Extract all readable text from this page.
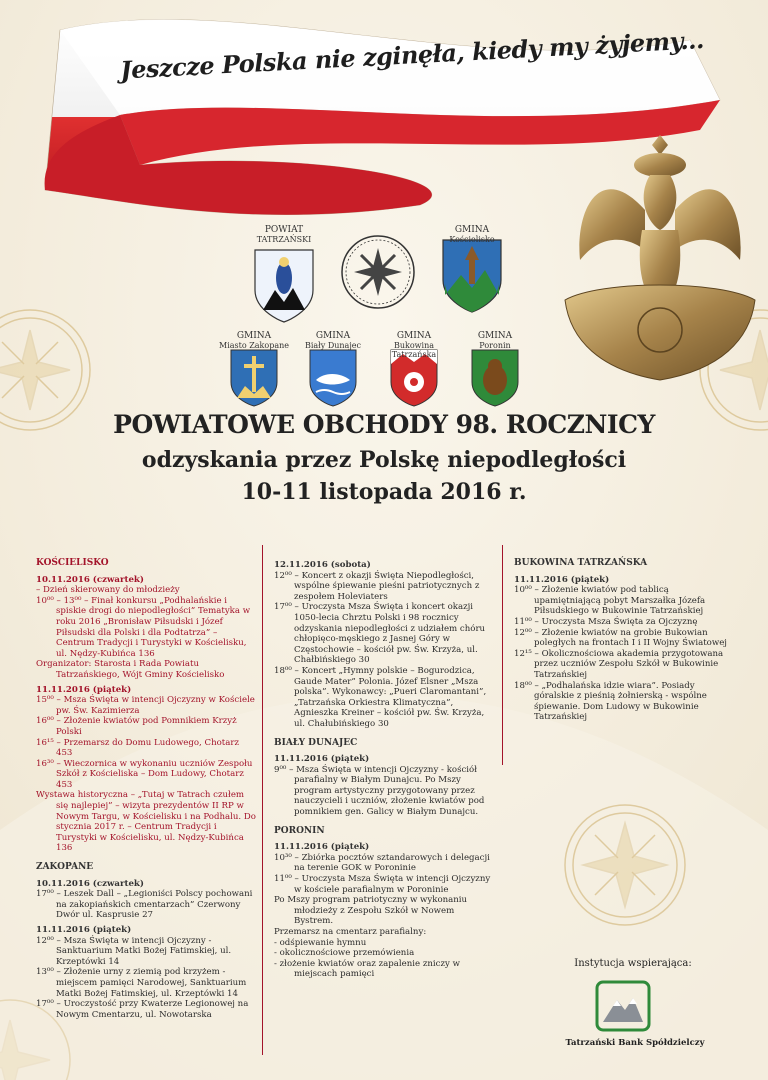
Jeszcze Polska nie zginęła, kiedy my żyjemy...
POWIAT
TATRZAŃSKI
GMINA
Kościelisko
GMINA
Miasto Zakopane
GMINA
Biały Dunajec
GMINA
Bukowina Tatrzańska
GMINA
Poronin
POWIATOWE OBCHODY 98. ROCZNICY
odzyskania przez Polskę niepodległości
10-11 listopada 2016 r.
KOŚCIELISKO
10.11.2016 (czwartek)

– Dzień skierowany do młodzieży

10⁰⁰ – 13⁰⁰ – Finał konkursu „Podhalańskie i spiskie drogi do niepodległości” Tematyka w roku 2016 „Bronisław Piłsudski i Józef Piłsudski dla Polski i dla Podtatrza” – Centrum Tradycji i Turystyki w Kościelisku, ul. Nędzy-Kubińca 136

Organizator: Starosta i Rada Powiatu Tatrzańskiego, Wójt Gminy Kościelisko

11.11.2016 (piątek)

15⁰⁰ – Msza Święta w intencji Ojczyzny w Kościele pw. Św. Kazimierza

16⁰⁰ – Złożenie kwiatów pod Pomnikiem Krzyż Polski

16¹⁵ – Przemarsz do Domu Ludowego, Chotarz 453

16³⁰ – Wieczornica w wykonaniu uczniów Zespołu Szkół z Kościeliska – Dom Ludowy, Chotarz 453

Wystawa historyczna – „Tutaj w Tatrach czułem się najlepiej” – wizyta prezydentów II RP w Nowym Targu, w Kościelisku i na Podhalu. Do stycznia 2017 r. – Centrum Tradycji i Turystyki w Kościelisku, ul. Nędzy-Kubińca 136

ZAKOPANE
10.11.2016 (czwartek)

17⁰⁰ – Leszek Dall – „Legioniści Polscy pochowani na zakopiańskich cmentarzach” Czerwony Dwór ul. Kasprusie 27

11.11.2016 (piątek)

12⁰⁰ – Msza Święta w intencji Ojczyzny - Sanktuarium Matki Bożej Fatimskiej, ul. Krzeptówki 14

13⁰⁰ – Złożenie urny z ziemią pod krzyżem - miejscem pamięci Narodowej, Sanktuarium Matki Bożej Fatimskiej, ul. Krzeptówki 14

17⁰⁰ – Uroczystość przy Kwaterze Legionowej na Nowym Cmentarzu, ul. Nowotarska

12.11.2016 (sobota)

12⁰⁰ – Koncert z okazji Święta Niepodległości, wspólne śpiewanie pieśni patriotycznych z zespołem Holeviaters

17⁰⁰ – Uroczysta Msza Święta i koncert okazji 1050-lecia Chrztu Polski i 98 rocznicy odzyskania niepodległości z udziałem chóru chłopięco-męskiego z Jasnej Góry w Częstochowie – kościół pw. Św. Krzyża, ul. Chałbińskiego 30

18⁰⁰ – Koncert „Hymny polskie – Bogurodzica, Gaude Mater” Polonia. Józef Elsner „Msza polska”. Wykonawcy: „Pueri Claromantani”, „Tatrzańska Orkiestra Klimatyczna”, Agnieszka Kreiner – kościół pw. Św. Krzyża, ul. Chałubińskiego 30

BIAŁY DUNAJEC
11.11.2016 (piątek)

9⁰⁰ – Msza Święta w intencji Ojczyzny - kościół parafialny w Białym Dunajcu. Po Mszy program artystyczny przygotowany przez nauczycieli i uczniów, złożenie kwiatów pod pomnikiem gen. Galicy w Białym Dunajcu.

PORONIN
11.11.2016 (piątek)

10³⁰ – Zbiórka pocztów sztandarowych i delegacji na terenie GOK w Poroninie

11⁰⁰ – Uroczysta Msza Święta w intencji Ojczyzny w kościele parafialnym w Poroninie

Po Mszy program patriotyczny w wykonaniu młodzieży z Zespołu Szkół w Nowem Bystrem.

Przemarsz na cmentarz parafialny:

- odśpiewanie hymnu

- okolicznościowe przemówienia

- złożenie kwiatów oraz zapalenie zniczy w miejscach pamięci

BUKOWINA TATRZAŃSKA
11.11.2016 (piątek)

10⁰⁰ – Złożenie kwiatów pod tablicą upamiętniającą pobyt Marszałka Józefa Piłsudskiego w Bukowinie Tatrzańskiej

11⁰⁰ – Uroczysta Msza Święta za Ojczyznę

12⁰⁰ – Złożenie kwiatów na grobie Bukowian poległych na frontach I i II Wojny Światowej

12¹⁵ – Okolicznościowa akademia przygotowana przez uczniów Zespołu Szkół w Bukowinie Tatrzańskiej

18⁰⁰ – „Podhalańska idzie wiara”. Posiady góralskie z pieśnią żołnierską - wspólne śpiewanie. Dom Ludowy w Bukowinie Tatrzańskiej

Instytucja wspierająca:
Tatrzański Bank Spółdzielczy
